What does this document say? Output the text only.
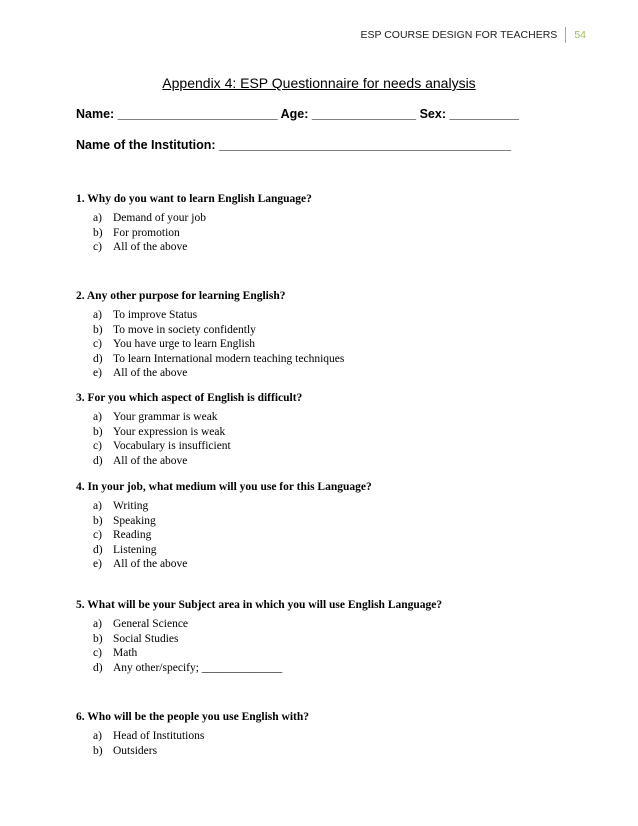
ESP COURSE DESIGN FOR TEACHERS	54
Appendix 4: ESP Questionnaire for needs analysis
Name: _______________________ Age: _______________ Sex: __________
Name of the Institution: __________________________________________
1. Why do you want to learn English Language?
a) Demand of your job
b) For promotion
c) All of the above
2. Any other purpose for learning English?
a) To improve Status
b) To move in society confidently
c) You have urge to learn English
d) To learn International modern teaching techniques
e) All of the above
3. For you which aspect of English is difficult?
a) Your grammar is weak
b) Your expression is weak
c) Vocabulary is insufficient
d) All of the above
4. In your job, what medium will you use for this Language?
a) Writing
b) Speaking
c) Reading
d) Listening
e) All of the above
5. What will be your Subject area in which you will use English Language?
a) General Science
b) Social Studies
c) Math
d) Any other/specify; ______________
6. Who will be the people you use English with?
a) Head of Institutions
b) Outsiders
